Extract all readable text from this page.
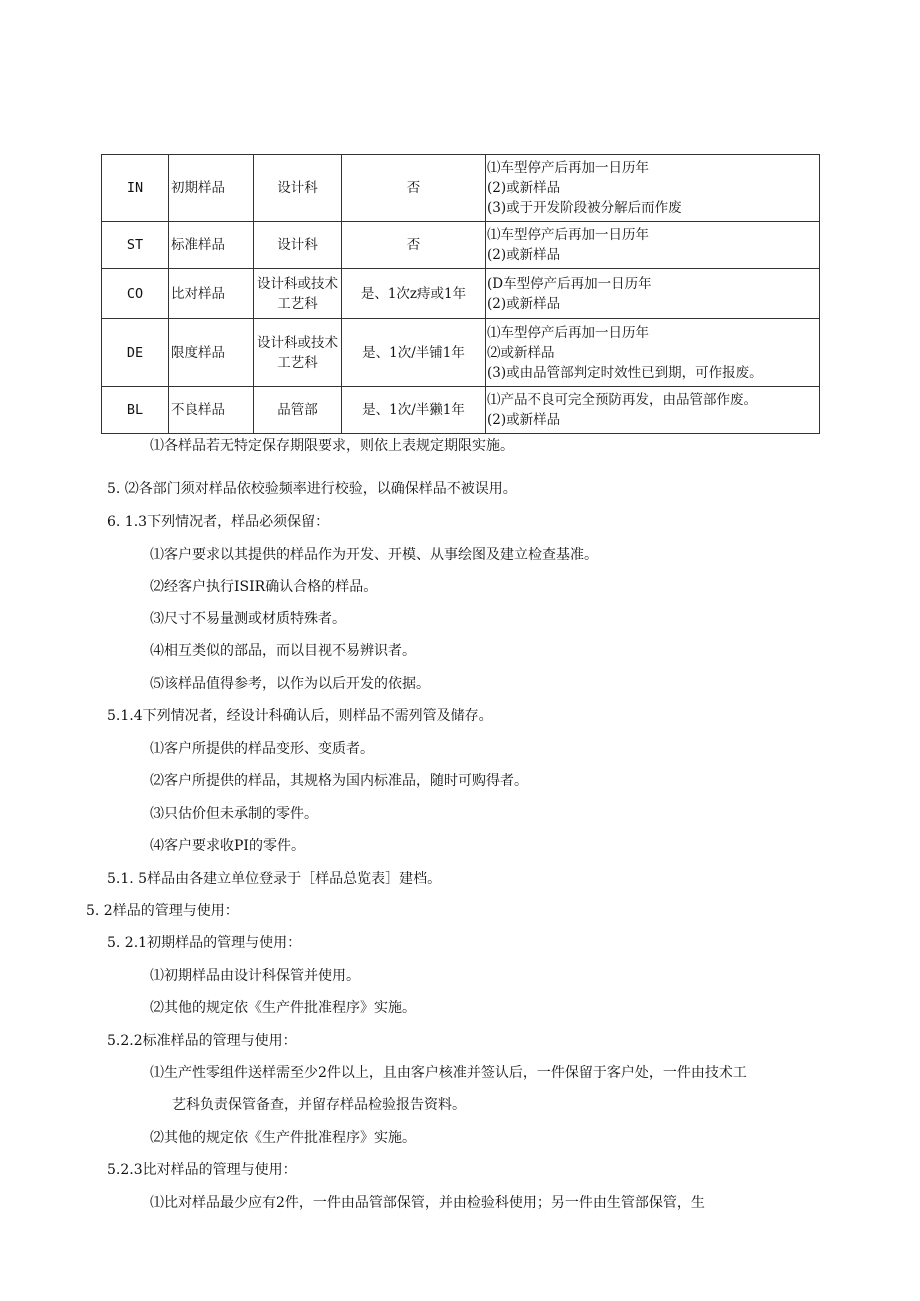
IN	初期样品	设计科	否	⑴车型停产后再加一日历年
(2)或新样品
(3)或于开发阶段被分解后而作废

ST	标准样品	设计科	否	⑴车型停产后再加一日历年
(2)或新样品

CO	比对样品	设计科或技术工艺科	是、1次z痔或1年	(D车型停产后再加一日历年
(2)或新样品

DE	限度样品	设计科或技术工艺科	是、1次/半铺1年	⑴车型停产后再加一日历年
⑵或新样品
(3)或由品管部判定时效性已到期，可作报废。

BL	不良样品	品管部	是、1次/半獭1年	⑴产品不良可完全预防再发，由品管部作废。
(2)或新样品
⑴各样品若无特定保存期限要求，则依上表规定期限实施。
5. ⑵各部门须对样品依校验频率进行校验，以确保样品不被误用。
6. 1.3下列情况者，样品必须保留：
⑴客户要求以其提供的样品作为开发、开模、从事绘图及建立检查基准。
⑵经客户执行ISIR确认合格的样品。
⑶尺寸不易量测或材质特殊者。
⑷相互类似的部品，而以目视不易辨识者。
⑸该样品值得参考，以作为以后开发的依据。
5.1.4下列情况者，经设计科确认后，则样品不需列管及储存。
⑴客户所提供的样品变形、变质者。
⑵客户所提供的样品，其规格为国内标准品，随时可购得者。
⑶只估价但未承制的零件。
⑷客户要求收PI的零件。
5.1. 5样品由各建立单位登录于［样品总览表］建档。
5. 2样品的管理与使用：
5. 2.1初期样品的管理与使用：
⑴初期样品由设计科保管并使用。
⑵其他的规定依《生产件批准程序》实施。
5.2.2标准样品的管理与使用：
⑴生产性零组件送样需至少2件以上，且由客户核准并签认后，一件保留于客户处，一件由技术工
艺科负责保管备查，并留存样品检验报告资料。
⑵其他的规定依《生产件批准程序》实施。
5.2.3比对样品的管理与使用：
⑴比对样品最少应有2件，一件由品管部保管，并由检验科使用；另一件由生管部保管，生
